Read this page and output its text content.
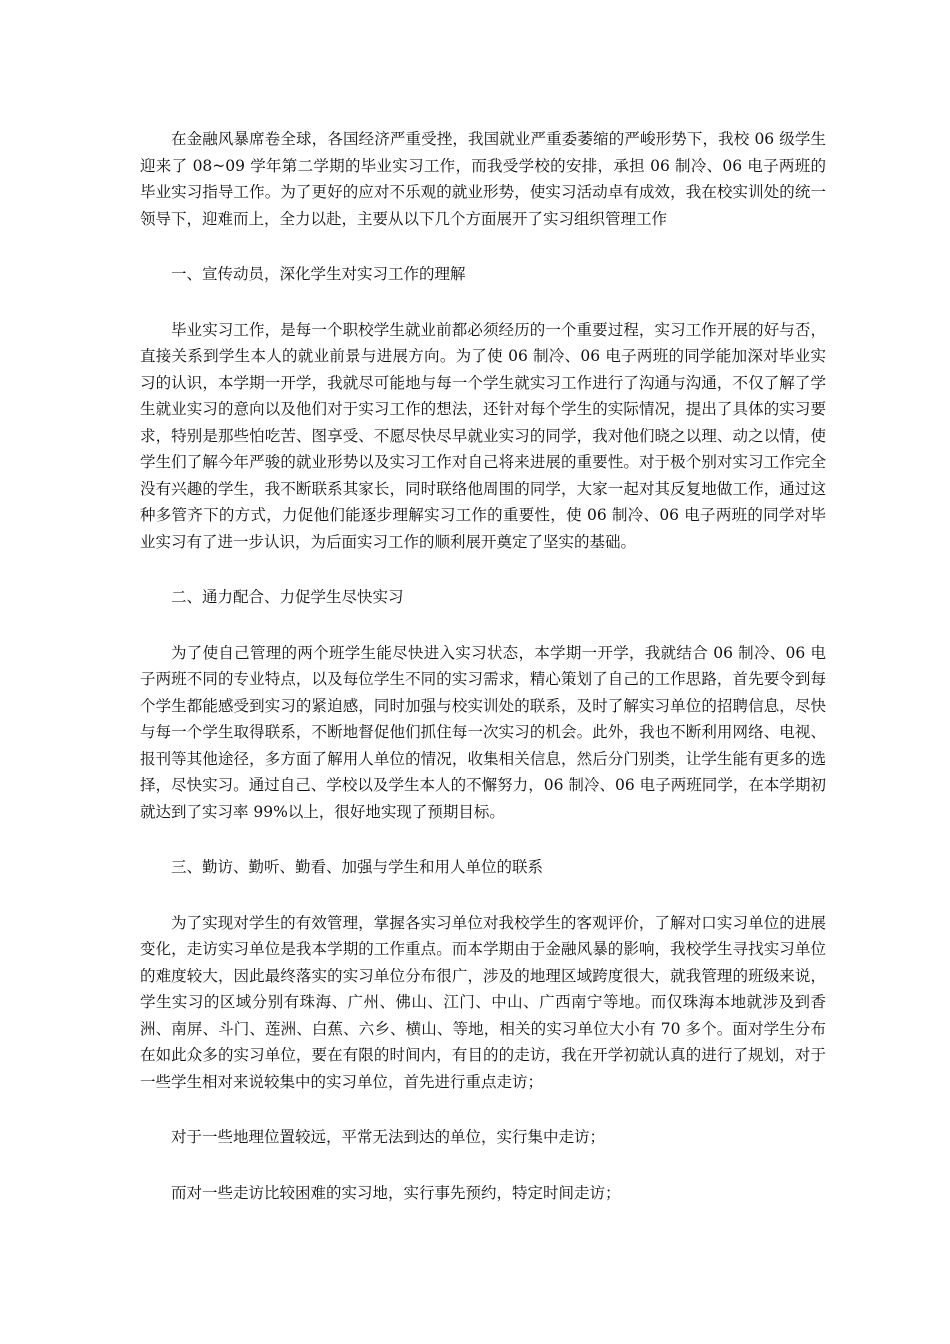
在金融风暴席卷全球，各国经济严重受挫，我国就业严重委萎缩的严峻形势下，我校 06 级学生迎来了 08~09 学年第二学期的毕业实习工作，而我受学校的安排，承担 06 制冷、06 电子两班的毕业实习指导工作。为了更好的应对不乐观的就业形势，使实习活动卓有成效，我在校实训处的统一领导下，迎难而上，全力以赴，主要从以下几个方面展开了实习组织管理工作

一、宣传动员，深化学生对实习工作的理解

毕业实习工作，是每一个职校学生就业前都必须经历的一个重要过程，实习工作开展的好与否，直接关系到学生本人的就业前景与进展方向。为了使 06 制冷、06 电子两班的同学能加深对毕业实习的认识，本学期一开学，我就尽可能地与每一个学生就实习工作进行了沟通与沟通，不仅了解了学生就业实习的意向以及他们对于实习工作的想法，还针对每个学生的实际情况，提出了具体的实习要求，特别是那些怕吃苦、图享受、不愿尽快尽早就业实习的同学，我对他们晓之以理、动之以情，使学生们了解今年严骏的就业形势以及实习工作对自己将来进展的重要性。对于极个别对实习工作完全没有兴趣的学生，我不断联系其家长，同时联络他周围的同学，大家一起对其反复地做工作，通过这种多管齐下的方式，力促他们能逐步理解实习工作的重要性，使 06 制冷、06 电子两班的同学对毕业实习有了进一步认识，为后面实习工作的顺利展开奠定了坚实的基础。

二、通力配合、力促学生尽快实习

为了使自己管理的两个班学生能尽快进入实习状态，本学期一开学，我就结合 06 制冷、06 电子两班不同的专业特点，以及每位学生不同的实习需求，精心策划了自己的工作思路，首先要令到每个学生都能感受到实习的紧迫感，同时加强与校实训处的联系，及时了解实习单位的招聘信息，尽快与每一个学生取得联系，不断地督促他们抓住每一次实习的机会。此外，我也不断利用网络、电视、报刊等其他途径，多方面了解用人单位的情况，收集相关信息，然后分门别类，让学生能有更多的选择，尽快实习。通过自己、学校以及学生本人的不懈努力，06 制冷、06 电子两班同学，在本学期初就达到了实习率 99%以上，很好地实现了预期目标。

三、勤访、勤听、勤看、加强与学生和用人单位的联系

为了实现对学生的有效管理，掌握各实习单位对我校学生的客观评价，了解对口实习单位的进展变化，走访实习单位是我本学期的工作重点。而本学期由于金融风暴的影响，我校学生寻找实习单位的难度较大，因此最终落实的实习单位分布很广，涉及的地理区域跨度很大，就我管理的班级来说，学生实习的区域分别有珠海、广州、佛山、江门、中山、广西南宁等地。而仅珠海本地就涉及到香洲、南屏、斗门、莲洲、白蕉、六乡、横山、等地，相关的实习单位大小有 70 多个。面对学生分布在如此众多的实习单位，要在有限的时间内，有目的的走访，我在开学初就认真的进行了规划，对于一些学生相对来说较集中的实习单位，首先进行重点走访；

对于一些地理位置较远，平常无法到达的单位，实行集中走访；

而对一些走访比较困难的实习地，实行事先预约，特定时间走访；
